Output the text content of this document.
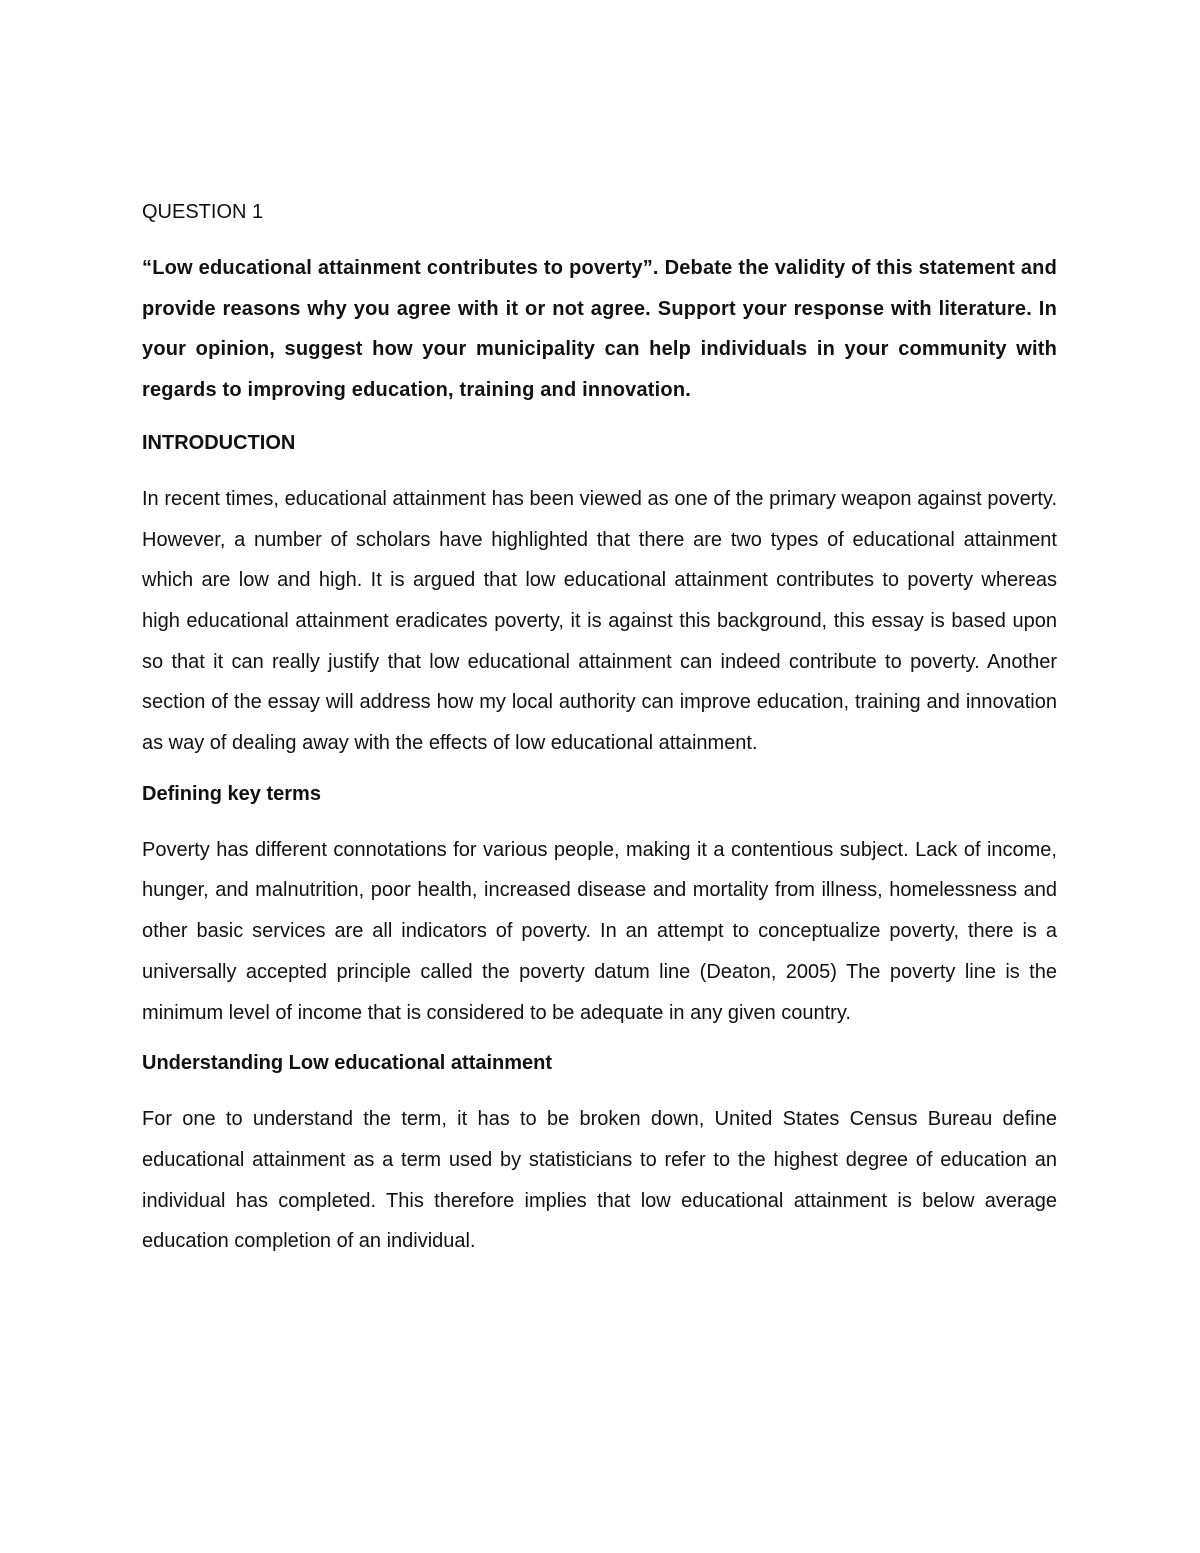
QUESTION 1
“Low educational attainment contributes to poverty”. Debate the validity of this statement and provide reasons why you agree with it or not agree. Support your response with literature. In your opinion, suggest how your municipality can help individuals in your community with regards to improving education, training and innovation.
INTRODUCTION
In recent times, educational attainment has been viewed as one of the primary weapon against poverty. However, a number of scholars have highlighted that there are two types of educational attainment which are low and high. It is argued that low educational attainment contributes to poverty whereas high educational attainment eradicates poverty, it is against this background, this essay is based upon so that it can really justify that low educational attainment can indeed contribute to poverty. Another section of the essay will address how my local authority can improve education, training and innovation as way of dealing away with the effects of low educational attainment.
Defining key terms
Poverty has different connotations for various people, making it a contentious subject. Lack of income, hunger, and malnutrition, poor health, increased disease and mortality from illness, homelessness and other basic services are all indicators of poverty. In an attempt to conceptualize poverty, there is a universally accepted principle called the poverty datum line (Deaton, 2005) The poverty line is the minimum level of income that is considered to be adequate in any given country.
Understanding Low educational attainment
For one to understand the term, it has to be broken down, United States Census Bureau define educational attainment as a term used by statisticians to refer to the highest degree of education an individual has completed. This therefore implies that low educational attainment is below average education completion of an individual.
